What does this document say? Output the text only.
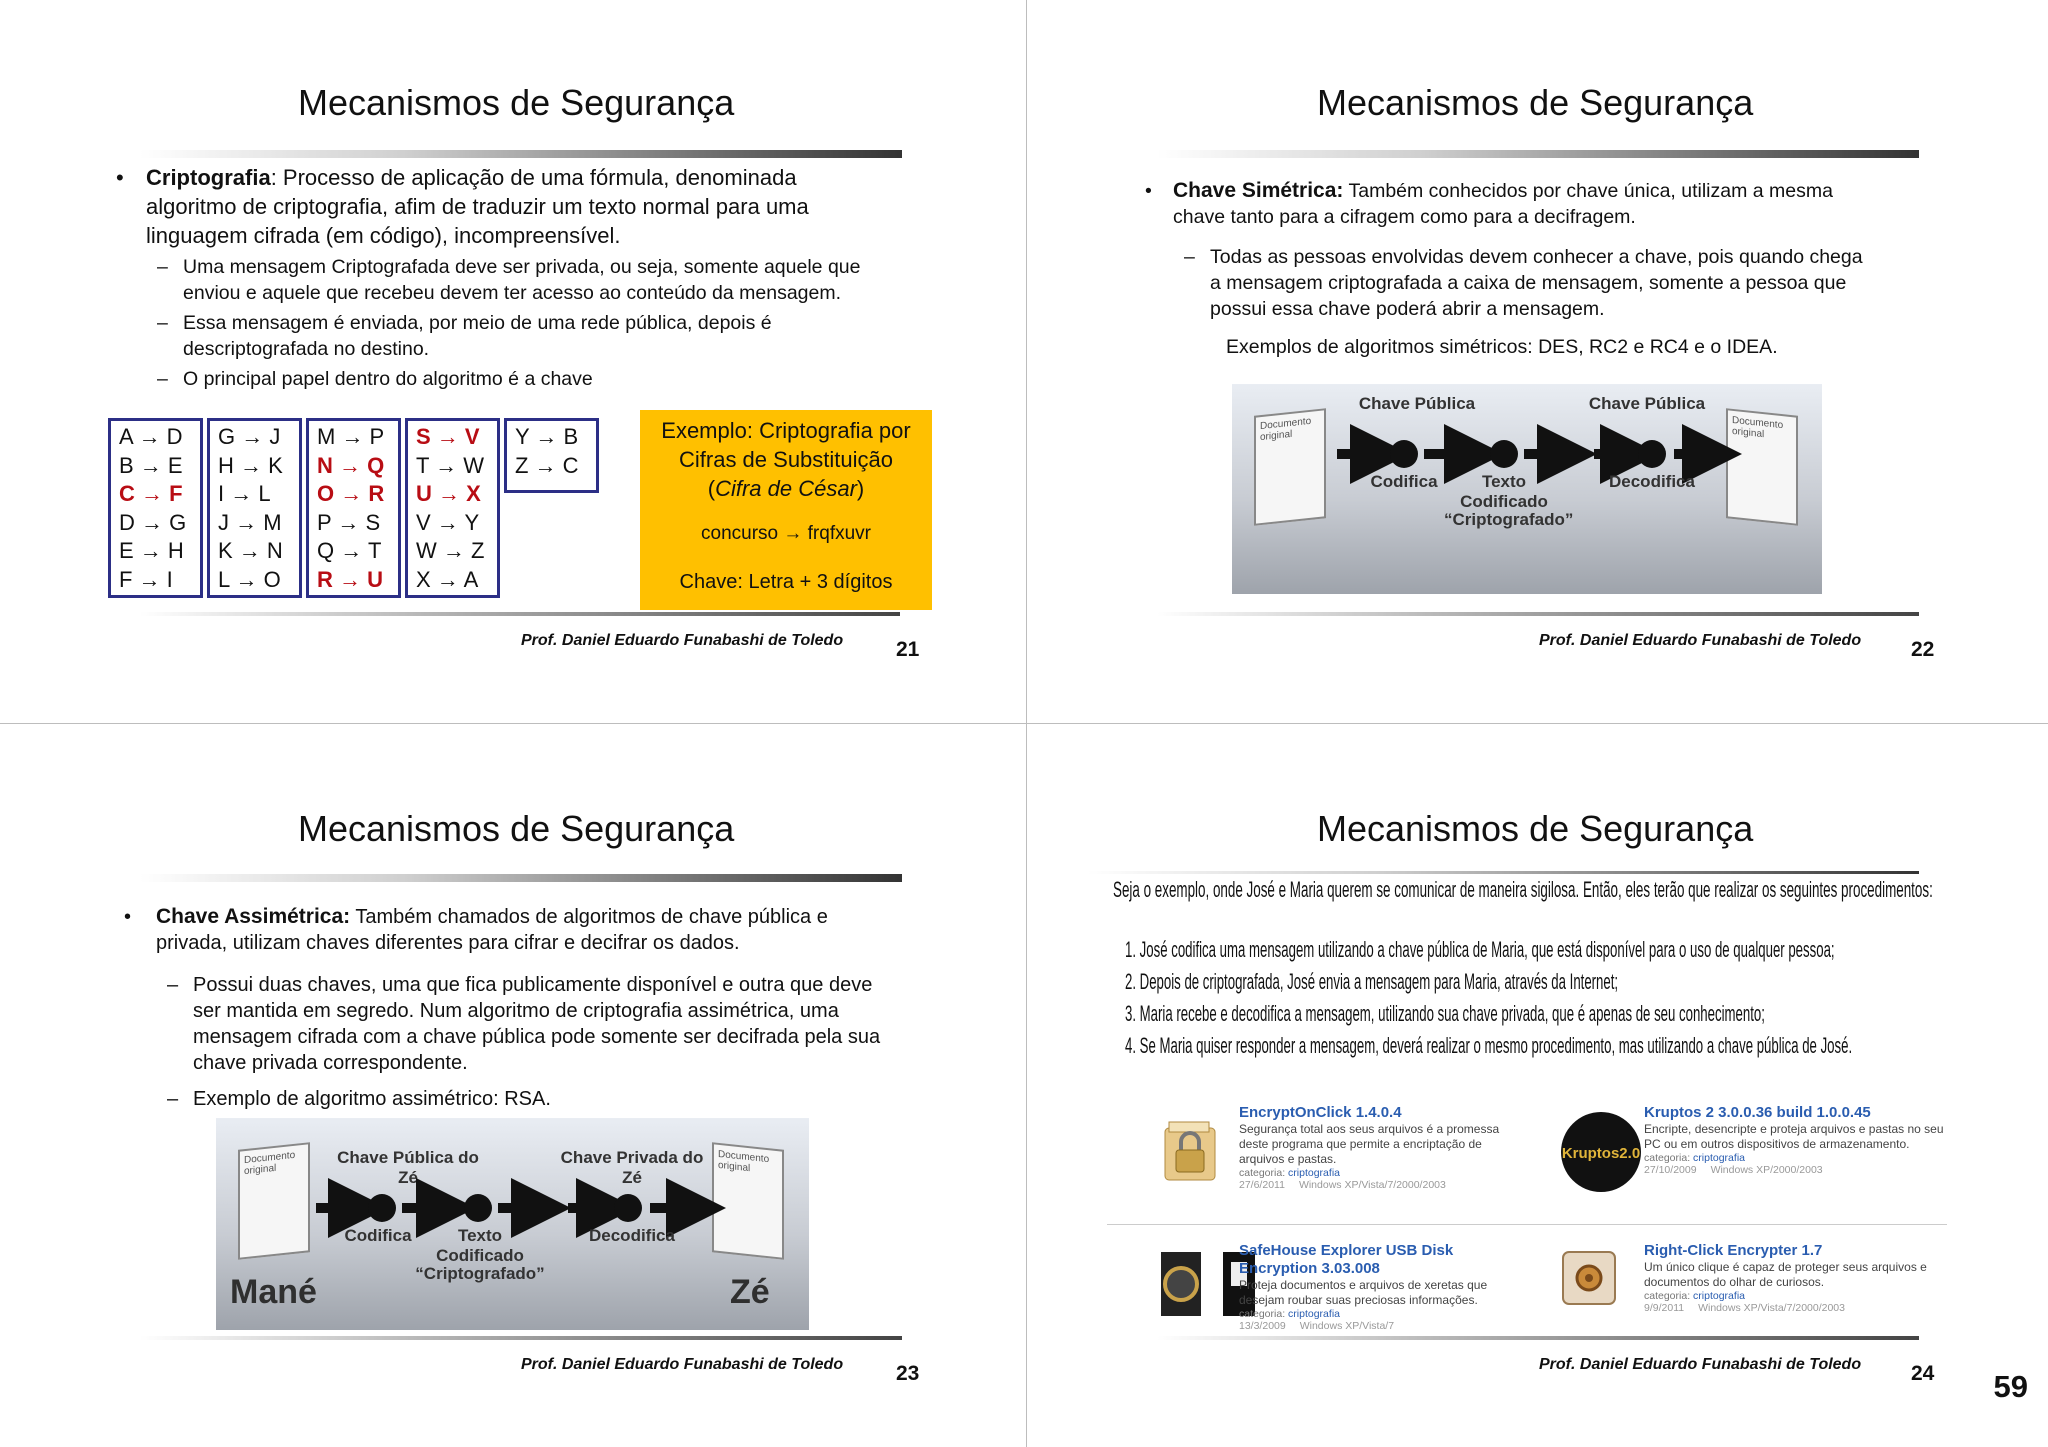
Mecanismos de Segurança
• Criptografia: Processo de aplicação de uma fórmula, denominada
algoritmo de criptografia, afim de traduzir um texto normal para uma
linguagem cifrada (em código), incompreensível.
– Uma mensagem Criptografada deve ser privada, ou seja, somente aquele que
enviou e aquele que recebeu devem ter acesso ao conteúdo da mensagem.
– Essa mensagem é enviada, por meio de uma rede pública, depois é
descriptografada no destino.
– O principal papel dentro do algoritmo é a chave
A → D
B → E
C → F
D → G
E → H
F → I
G → J
H → K
I → L
J → M
K → N
L → O
M → P
N → Q
O → R
P → S
Q → T
R → U
S → V
T → W
U → X
V → Y
W → Z
X → A
Y → B
Z → C
Exemplo: Criptografia por
Cifras de Substituição
(Cifra de César)
concurso → frqfxuvr
Chave: Letra + 3 dígitos
Prof. Daniel Eduardo Funabashi de Toledo	21
Mecanismos de Segurança
• Chave Simétrica: Também conhecidos por chave única, utilizam a mesma
chave tanto para a cifragem como para a decifragem.
– Todas as pessoas envolvidas devem conhecer a chave, pois quando chega
a mensagem criptografada a caixa de mensagem, somente a pessoa que
possui essa chave poderá abrir a mensagem.
Exemplos de algoritmos simétricos: DES, RC2 e RC4 e o IDEA.
Documento original
Documento original
Chave Pública	Chave Pública
Codifica	Texto Codificado
“Criptografado”
Decodifica
Prof. Daniel Eduardo Funabashi de Toledo 22
Mecanismos de Segurança
• Chave Assimétrica: Também chamados de algoritmos de chave pública e
privada, utilizam chaves diferentes para cifrar e decifrar os dados.
– Possui duas chaves, uma que fica publicamente disponível e outra que deve
ser mantida em segredo. Num algoritmo de criptografia assimétrica, uma
mensagem cifrada com a chave pública pode somente ser decifrada pela sua
chave privada correspondente.
– Exemplo de algoritmo assimétrico: RSA.
Documento original
Documento original
Chave Pública do Zé
Chave Privada do Zé
Codifica	Texto Codificado
“Criptografado”
Decodifica
Mané	Zé
Prof. Daniel Eduardo Funabashi de Toledo	23
Mecanismos de Segurança
Seja o exemplo, onde José e Maria querem se comunicar de maneira sigilosa. Então, eles terão que realizar os seguintes procedimentos:
1. José codifica uma mensagem utilizando a chave pública de Maria, que está disponível para o uso de qualquer pessoa;
2. Depois de criptografada, José envia a mensagem para Maria, através da Internet;
3. Maria recebe e decodifica a mensagem, utilizando sua chave privada, que é apenas de seu conhecimento;
4. Se Maria quiser responder a mensagem, deverá realizar o mesmo procedimento, mas utilizando a chave pública de José.
EncryptOnClick 1.4.0.4
Segurança total aos seus arquivos é a promessa deste programa que permite a encriptação de arquivos e pastas.
categoria: criptografia
27/6/2011 Windows XP/Vista/7/2000/2003
Kruptos2.0
Kruptos 2 3.0.0.36 build 1.0.0.45
Encripte, desencripte e proteja arquivos e pastas no seu PC ou em outros dispositivos de armazenamento.
categoria: criptografia
27/10/2009 Windows XP/2000/2003
SafeHouse Explorer USB Disk Encryption 3.03.008
Proteja documentos e arquivos de xeretas que desejam roubar suas preciosas informações.
categoria: criptografia
13/3/2009 Windows XP/Vista/7
Right-Click Encrypter 1.7
Um único clique é capaz de proteger seus arquivos e documentos do olhar de curiosos.
categoria: criptografia
9/9/2011 Windows XP/Vista/7/2000/2003
Prof. Daniel Eduardo Funabashi de Toledo 24 59
